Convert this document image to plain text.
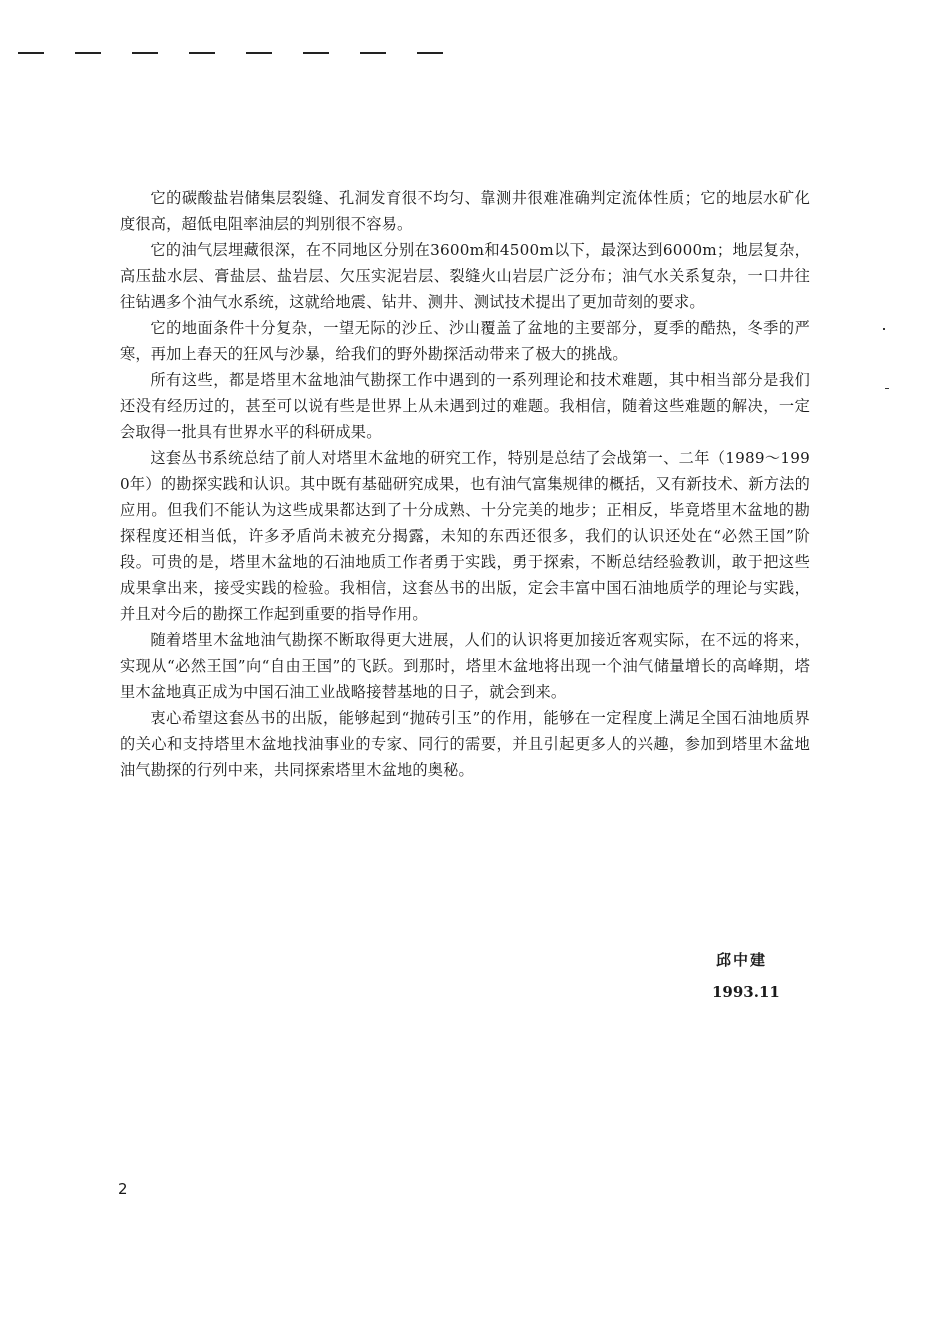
它的碳酸盐岩储集层裂缝、孔洞发育很不均匀、靠测井很难准确判定流体性质；它的地层水矿化度很高，超低电阻率油层的判别很不容易。

它的油气层埋藏很深，在不同地区分别在3600m和4500m以下，最深达到6000m；地层复杂，高压盐水层、膏盐层、盐岩层、欠压实泥岩层、裂缝火山岩层广泛分布；油气水关系复杂，一口井往往钻遇多个油气水系统，这就给地震、钻井、测井、测试技术提出了更加苛刻的要求。

它的地面条件十分复杂，一望无际的沙丘、沙山覆盖了盆地的主要部分，夏季的酷热，冬季的严寒，再加上春天的狂风与沙暴，给我们的野外勘探活动带来了极大的挑战。

所有这些，都是塔里木盆地油气勘探工作中遇到的一系列理论和技术难题，其中相当部分是我们还没有经历过的，甚至可以说有些是世界上从未遇到过的难题。我相信，随着这些难题的解决，一定会取得一批具有世界水平的科研成果。

这套丛书系统总结了前人对塔里木盆地的研究工作，特别是总结了会战第一、二年（1989～1990年）的勘探实践和认识。其中既有基础研究成果，也有油气富集规律的概括，又有新技术、新方法的应用。但我们不能认为这些成果都达到了十分成熟、十分完美的地步；正相反，毕竟塔里木盆地的勘探程度还相当低，许多矛盾尚未被充分揭露，未知的东西还很多，我们的认识还处在“必然王国”阶段。可贵的是，塔里木盆地的石油地质工作者勇于实践，勇于探索，不断总结经验教训，敢于把这些成果拿出来，接受实践的检验。我相信，这套丛书的出版，定会丰富中国石油地质学的理论与实践，并且对今后的勘探工作起到重要的指导作用。

随着塔里木盆地油气勘探不断取得更大进展，人们的认识将更加接近客观实际，在不远的将来，实现从“必然王国”向“自由王国”的飞跃。到那时，塔里木盆地将出现一个油气储量增长的高峰期，塔里木盆地真正成为中国石油工业战略接替基地的日子，就会到来。

衷心希望这套丛书的出版，能够起到“抛砖引玉”的作用，能够在一定程度上满足全国石油地质界的关心和支持塔里木盆地找油事业的专家、同行的需要，并且引起更多人的兴趣，参加到塔里木盆地油气勘探的行列中来，共同探索塔里木盆地的奥秘。

邱中建
1993.11
2
